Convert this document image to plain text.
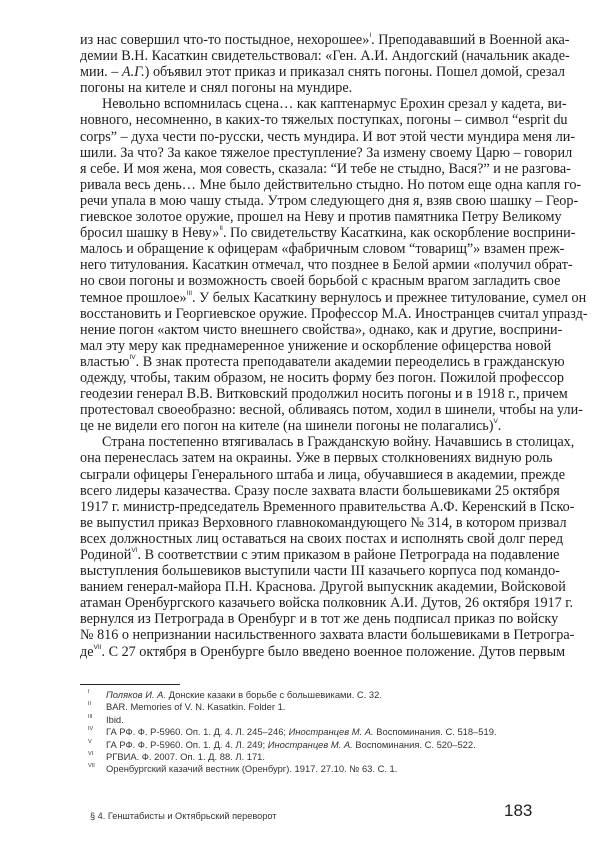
из нас совершил что-то постыдное, нехорошее»$^I$. Преподававший в Военной ака-
демии В.Н. Касаткин свидетельствовал: «Ген. А.И. Андогский (начальник акаде-
мии. – А.Г.) объявил этот приказ и приказал снять погоны. Пошел домой, срезал
погоны на кителе и снял погоны на мундире.
Невольно вспомнилась сцена… как каптенармус Ерохин срезал у кадета, ви-
новного, несомненно, в каких-то тяжелых поступках, погоны – символ “esprit du
corps” – духа чести по-русски, честь мундира. И вот этой чести мундира меня ли-
шили. За что? За какое тяжелое преступление? За измену своему Царю – говорил
я себе. И моя жена, моя совесть, сказала: “И тебе не стыдно, Вася?” и не разгова-
ривала весь день… Мне было действительно стыдно. Но потом еще одна капля го-
речи упала в мою чашу стыда. Утром следующего дня я, взяв свою шашку – Геор-
гиевское золотое оружие, прошел на Неву и против памятника Петру Великому
бросил шашку в Неву»$^{II}$. По свидетельству Касаткина, как оскорбление восприни-
малось и обращение к офицерам «фабричным словом “товарищ”» взамен преж-
него титулования. Касаткин отмечал, что позднее в Белой армии «получил обрат-
но свои погоны и возможность своей борьбой с красным врагом загладить свое
темное прошлое»$^{III}$. У белых Касаткину вернулось и прежнее титулование, сумел он
восстановить и Георгиевское оружие. Профессор М.А. Иностранцев считал упразд-
нение погон «актом чисто внешнего свойства», однако, как и другие, восприни-
мал эту меру как преднамеренное унижение и оскорбление офицерства новой
властью$^{IV}$. В знак протеста преподаватели академии переоделись в гражданскую
одежду, чтобы, таким образом, не носить форму без погон. Пожилой профессор
геодезии генерал В.В. Витковский продолжил носить погоны и в 1918 г., причем
протестовал своеобразно: весной, обливаясь потом, ходил в шинели, чтобы на ули-
це не видели его погон на кителе (на шинели погоны не полагались)$^V$.
Страна постепенно втягивалась в Гражданскую войну. Начавшись в столицах,
она перенеслась затем на окраины. Уже в первых столкновениях видную роль
сыграли офицеры Генерального штаба и лица, обучавшиеся в академии, прежде
всего лидеры казачества. Сразу после захвата власти большевиками 25 октября
1917 г. министр-председатель Временного правительства А.Ф. Керенский в Пско-
ве выпустил приказ Верховного главнокомандующего № 314, в котором призвал
всех должностных лиц оставаться на своих постах и исполнять свой долг перед
Родиной$^{VI}$. В соответствии с этим приказом в районе Петрограда на подавление
выступления большевиков выступили части III казачьего корпуса под командо-
ванием генерал-майора П.Н. Краснова. Другой выпускник академии, Войсковой
атаман Оренбургского казачьего войска полковник А.И. Дутов, 26 октября 1917 г.
вернулся из Петрограда в Оренбург и в тот же день подписал приказ по войску
№ 816 о непризнании насильственного захвата власти большевиками в Петрогра-
$де^{VII}$. С 27 октября в Оренбурге было введено военное положение. Дутов первым
I Поляков И. А. Донские казаки в борьбе с большевиками. С. 32.
II BAR. Memories of V. N. Kasatkin. Folder 1.
III Ibid.
IV ГА РФ. Ф. Р-5960. Оп. 1. Д. 4. Л. 245–246; Иностранцев М. А. Воспоминания. С. 518–519.
V ГА РФ. Ф. Р-5960. Оп. 1. Д. 4. Л. 249; Иностранцев М. А. Воспоминания. С. 520–522.
VI РГВИА. Ф. 2007. Оп. 1. Д. 88. Л. 171.
VII Оренбургский казачий вестник (Оренбург). 1917. 27.10. № 63. С. 1.
§ 4. Генштабисты и Октябрьский переворот	183
